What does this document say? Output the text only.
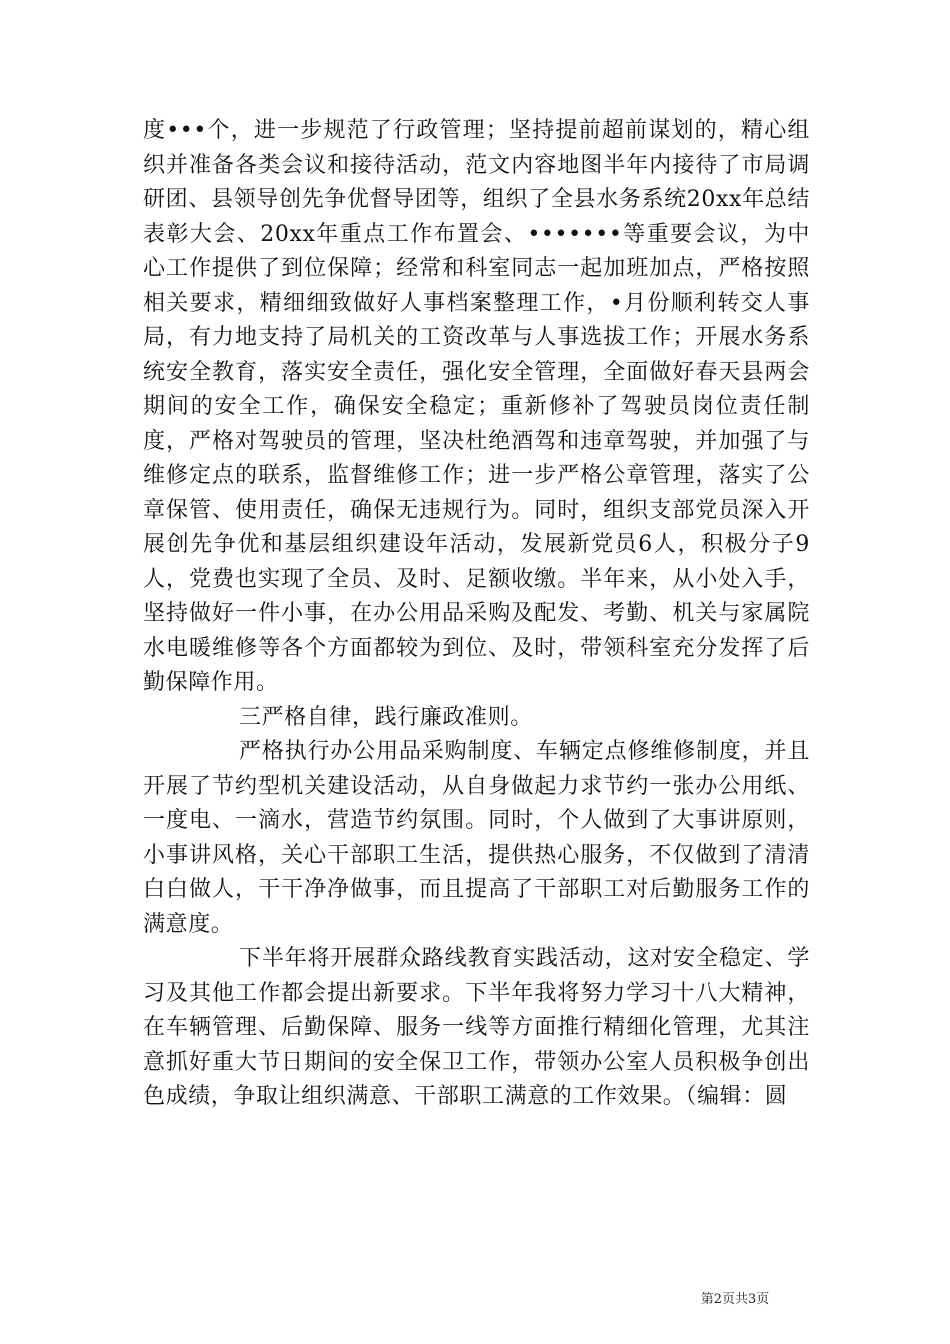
度•••个，进一步规范了行政管理；坚持提前超前谋划的，精心组织并准备各类会议和接待活动，范文内容地图半年内接待了市局调研团、县领导创先争优督导团等，组织了全县水务系统20xx年总结表彰大会、20xx年重点工作布置会、•••••••等重要会议，为中心工作提供了到位保障；经常和科室同志一起加班加点，严格按照相关要求，精细细致做好人事档案整理工作，•月份顺利转交人事局，有力地支持了局机关的工资改革与人事选拔工作；开展水务系统安全教育，落实安全责任，强化安全管理，全面做好春天县两会期间的安全工作，确保安全稳定；重新修补了驾驶员岗位责任制度，严格对驾驶员的管理，坚决杜绝酒驾和违章驾驶，并加强了与维修定点的联系，监督维修工作；进一步严格公章管理，落实了公章保管、使用责任，确保无违规行为。同时，组织支部党员深入开展创先争优和基层组织建设年活动，发展新党员6人，积极分子9人，党费也实现了全员、及时、足额收缴。半年来，从小处入手，坚持做好一件小事，在办公用品采购及配发、考勤、机关与家属院水电暖维修等各个方面都较为到位、及时，带领科室充分发挥了后勤保障作用。

三严格自律，践行廉政准则。

严格执行办公用品采购制度、车辆定点修维修制度，并且开展了节约型机关建设活动，从自身做起力求节约一张办公用纸、一度电、一滴水，营造节约氛围。同时，个人做到了大事讲原则，小事讲风格，关心干部职工生活，提供热心服务，不仅做到了清清白白做人，干干净净做事，而且提高了干部职工对后勤服务工作的满意度。

下半年将开展群众路线教育实践活动，这对安全稳定、学习及其他工作都会提出新要求。下半年我将努力学习十八大精神，在车辆管理、后勤保障、服务一线等方面推行精细化管理，尤其注意抓好重大节日期间的安全保卫工作，带领办公室人员积极争创出色成绩，争取让组织满意、干部职工满意的工作效果。（编辑：圆

第2页共3页
